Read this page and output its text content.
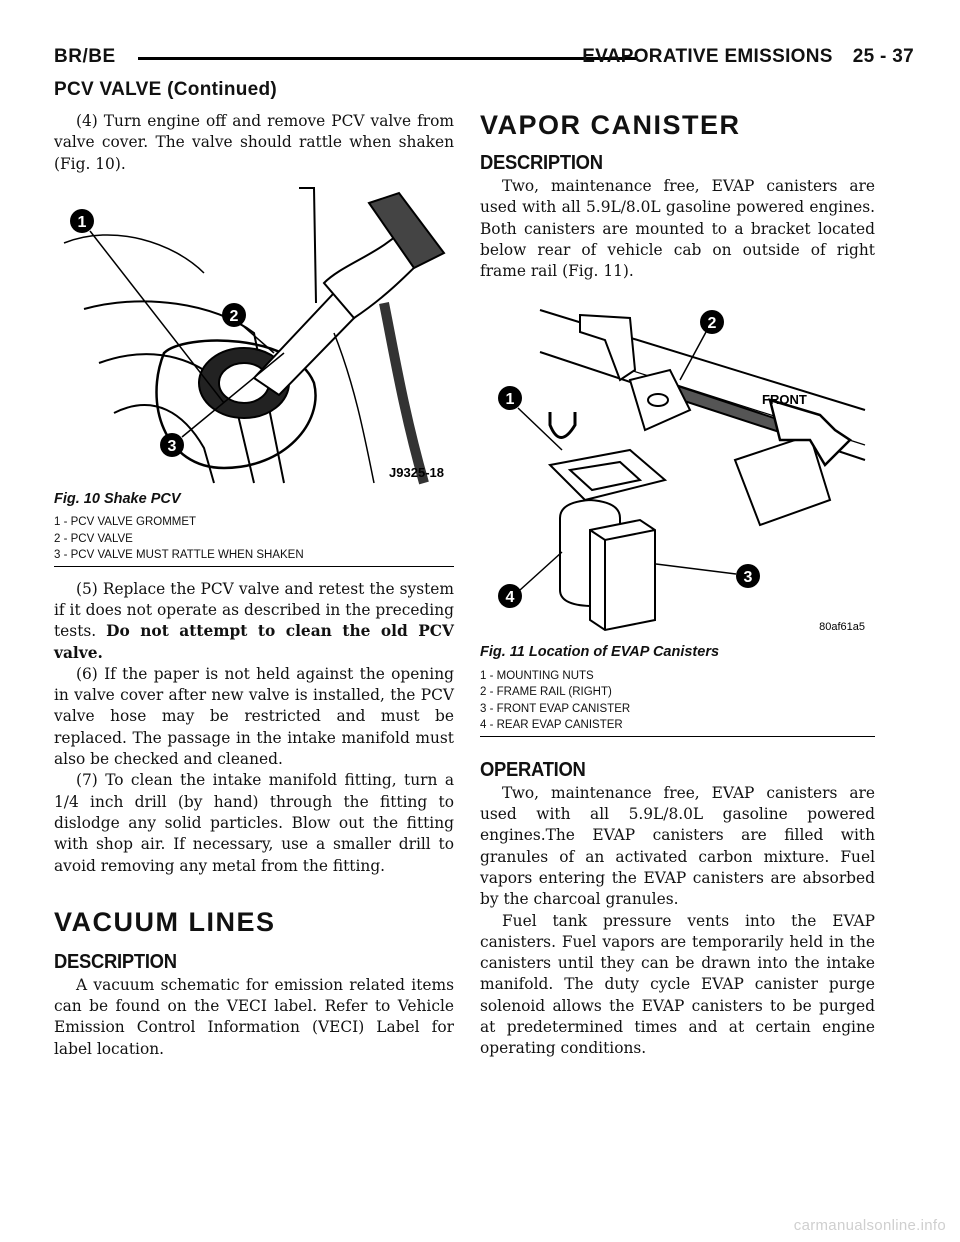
BR/BE	EVAPORATIVE EMISSIONS 25 - 37
PCV VALVE (Continued)

(4) Turn engine off and remove PCV valve from valve cover. The valve should rattle when shaken (Fig. 10).

1
2
3
J9325-18
Fig. 10 Shake PCV
1 - PCV VALVE GROMMET
2 - PCV VALVE
3 - PCV VALVE MUST RATTLE WHEN SHAKEN

(5) Replace the PCV valve and retest the system if it does not operate as described in the preceding tests. Do not attempt to clean the old PCV valve.

(6) If the paper is not held against the opening in valve cover after new valve is installed, the PCV valve hose may be restricted and must be replaced. The passage in the intake manifold must also be checked and cleaned.

(7) To clean the intake manifold fitting, turn a 1/4 inch drill (by hand) through the fitting to dislodge any solid particles. Blow out the fitting with shop air. If necessary, use a smaller drill to avoid removing any metal from the fitting.

VACUUM LINES
DESCRIPTION

A vacuum schematic for emission related items can be found on the VECI label. Refer to Vehicle Emission Control Information (VECI) Label for label location.

VAPOR CANISTER
DESCRIPTION

Two, maintenance free, EVAP canisters are used with all 5.9L/8.0L gasoline powered engines. Both canisters are mounted to a bracket located below rear of vehicle cab on outside of right frame rail (Fig. 11).

FRONT
2
1
3
4
80af61a5
Fig. 11 Location of EVAP Canisters
1 - MOUNTING NUTS
2 - FRAME RAIL (RIGHT)
3 - FRONT EVAP CANISTER
4 - REAR EVAP CANISTER
OPERATION

Two, maintenance free, EVAP canisters are used with all 5.9L/8.0L gasoline powered engines.The EVAP canisters are filled with granules of an activated carbon mixture. Fuel vapors entering the EVAP canisters are absorbed by the charcoal granules.

Fuel tank pressure vents into the EVAP canisters. Fuel vapors are temporarily held in the canisters until they can be drawn into the intake manifold. The duty cycle EVAP canister purge solenoid allows the EVAP canisters to be purged at predetermined times and at certain engine operating conditions.

carmanualsonline.info
